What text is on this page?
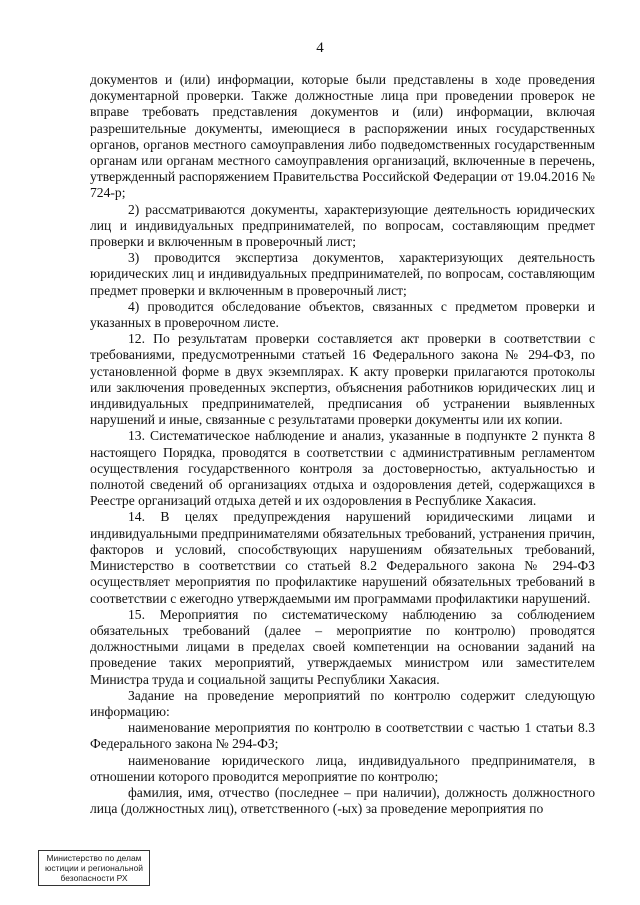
4

документов и (или) информации, которые были представлены в ходе проведения документарной проверки. Также должностные лица при проведении проверок не вправе требовать представления документов и (или) информации, включая разрешительные документы, имеющиеся в распоряжении иных государственных органов, органов местного самоуправления либо подведомственных государственным органам или органам местного самоуправления организаций, включенные в перечень, утвержденный распоряжением Правительства Российской Федерации от 19.04.2016 № 724-р;

2) рассматриваются документы, характеризующие деятельность юридических лиц и индивидуальных предпринимателей, по вопросам, составляющим предмет проверки и включенным в проверочный лист;

3) проводится экспертиза документов, характеризующих деятельность юридических лиц и индивидуальных предпринимателей, по вопросам, составляющим предмет проверки и включенным в проверочный лист;

4) проводится обследование объектов, связанных с предметом проверки и указанных в проверочном листе.

12. По результатам проверки составляется акт проверки в соответствии с требованиями, предусмотренными статьей 16 Федерального закона № 294-ФЗ, по установленной форме в двух экземплярах. К акту проверки прилагаются протоколы или заключения проведенных экспертиз, объяснения работников юридических лиц и индивидуальных предпринимателей, предписания об устранении выявленных нарушений и иные, связанные с результатами проверки документы или их копии.

13. Систематическое наблюдение и анализ, указанные в подпункте 2 пункта 8 настоящего Порядка, проводятся в соответствии с административным регламентом осуществления государственного контроля за достоверностью, актуальностью и полнотой сведений об организациях отдыха и оздоровления детей, содержащихся в Реестре организаций отдыха детей и их оздоровления в Республике Хакасия.

14. В целях предупреждения нарушений юридическими лицами и индивидуальными предпринимателями обязательных требований, устранения причин, факторов и условий, способствующих нарушениям обязательных требований, Министерство в соответствии со статьей 8.2 Федерального закона № 294-ФЗ осуществляет мероприятия по профилактике нарушений обязательных требований в соответствии с ежегодно утверждаемыми им программами профилактики нарушений.

15. Мероприятия по систематическому наблюдению за соблюдением обязательных требований (далее – мероприятие по контролю) проводятся должностными лицами в пределах своей компетенции на основании заданий на проведение таких мероприятий, утверждаемых министром или заместителем Министра труда и социальной защиты Республики Хакасия.

Задание на проведение мероприятий по контролю содержит следующую информацию:

наименование мероприятия по контролю в соответствии с частью 1 статьи 8.3 Федерального закона № 294-ФЗ;

наименование юридического лица, индивидуального предпринимателя, в отношении которого проводится мероприятие по контролю;

фамилия, имя, отчество (последнее – при наличии), должность должностного лица (должностных лиц), ответственного (-ых) за проведение мероприятия по

Министерство по делам
юстиции и региональной
безопасности РХ
